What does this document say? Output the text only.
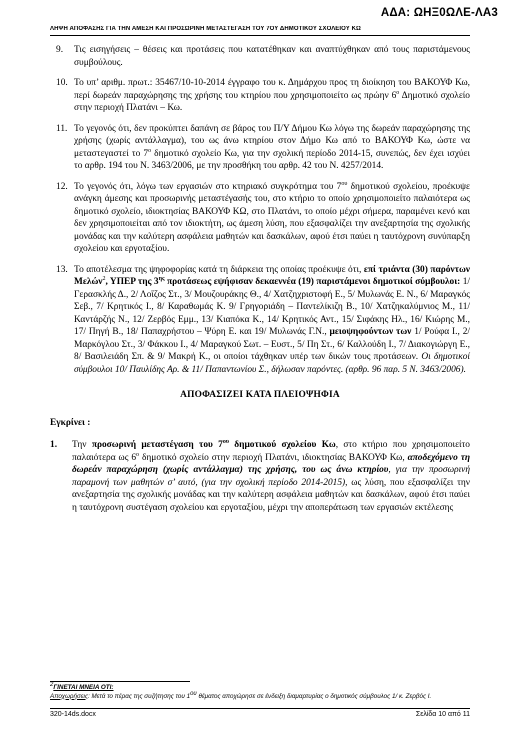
ΑΔΑ: ΩΗΞ0ΩΛΕ-ΛΑ3
ΛΗΨΗ ΑΠΟΦΑΣΗΣ ΓΙΑ ΤΗΝ ΑΜΕΣΗ ΚΑΙ ΠΡΟΣΩΡΙΝΗ ΜΕΤΑΣΤΕΓΑΣΗ ΤΟΥ 7ΟΥ ΔΗΜΟΤΙΚΟΥ ΣΧΟΛΕΙΟΥ ΚΩ
9.	Τις εισηγήσεις – θέσεις και προτάσεις που κατατέθηκαν και αναπτύχθηκαν από τους παριστάμενους συμβούλους.
10. Το υπ’ αριθμ. πρωτ.: 35467/10-10-2014 έγγραφο του κ. Δημάρχου προς τη διοίκηση του ΒΑΚΟΥΦ Κω, περί δωρεάν παραχώρησης της χρήσης του κτηρίου που χρησιμοποιείτο ως πρώην $6^o$ Δημοτικό σχολείο στην περιοχή Πλατάνι – Κω.
11. Το γεγονός ότι, δεν προκύπτει δαπάνη σε βάρος του Π/Υ Δήμου Κω λόγω της δωρεάν παραχώρησης της χρήσης (χωρίς αντάλλαγμα), του ως άνω κτηρίου στον Δήμο Κω από το ΒΑΚΟΥΦ Κω, ώστε να μεταστεγαστεί το $7^o$ δημοτικό σχολείο Κω, για την σχολική περίοδο 2014-15, συνεπώς, δεν έχει ισχύει το αρθρ. 194 του Ν. 3463/2006, με την προσθήκη του αρθρ. 42 του Ν. 4257/2014.
12. Το γεγονός ότι, λόγω των εργασιών στο κτηριακό συγκρότημα του $7^{o\upsilon}$ δημοτικού σχολείου, προέκυψε ανάγκη άμεσης και προσωρινής μεταστέγασής του, στο κτήριο το οποίο χρησιμοποιείτο παλαιότερα ως δημοτικό σχολείο, ιδιοκτησίας ΒΑΚΟΥΦ ΚΩ, στο Πλατάνι, το οποίο μέχρι σήμερα, παραμένει κενό και δεν χρησιμοποιείται από τον ιδιοκτήτη, ως άμεση λύση, που εξασφαλίζει την ανεξαρτησία της σχολικής μονάδας και την καλύτερη ασφάλεια μαθητών και δασκάλων, αφού έτσι παύει η ταυτόχρονη συνύπαρξη σχολείου και εργοταξίου.
13. Το αποτέλεσμα της ψηφοφορίας κατά τη διάρκεια της οποίας προέκυψε ότι, επί τριάντα (30) παρόντων Μελών$^2$, ΥΠΕΡ της $3^{\eta\varsigma}$ προτάσεως εψήφισαν δεκαεννέα (19) παριστάμενοι δημοτικοί σύμβουλοι: 1/ Γερασκλής Δ., 2/ Λοΐζος Στ., 3/ Μουζουράκης Θ., 4/ Χατζηχριστοφή Ε., 5/ Μυλωνάς Ε. Ν., 6/ Μαραγκός Σεβ., 7/ Κρητικός Ι., 8/ Καραθωμάς Κ. 9/ Γρηγοριάδη – Παντελίκιζη Β., 10/ Χατζηκαλύμνιος Μ., 11/ Καντάρζής Ν., 12/ Ζερβός Εμμ., 13/ Κιαπόκα Κ., 14/ Κρητικός Αντ., 15/ Σιφάκης Ηλ., 16/ Κιώρης Μ., 17/ Πηγή Β., 18/ Παπαχρήστου – Ψύρη Ε. και 19/ Μυλωνάς Γ.Ν., μειοψηφούντων των 1/ Ρούφα Ι., 2/ Μαρκόγλου Στ., 3/ Φάκκου Ι., 4/ Μαραγκού Σωτ. – Ευστ., 5/ Πη Στ., 6/ Καλλούδη Ι., 7/ Διακογιώργη Ε., 8/ Βασιλειάδη Σπ. & 9/ Μακρή Κ., οι οποίοι τάχθηκαν υπέρ των δικών τους προτάσεων. Οι δημοτικοί σύμβουλοι 10/ Παυλίδης Αρ. & 11/ Παπαντωνίου Σ., δήλωσαν παρόντες. (αρθρ. 96 παρ. 5 Ν. 3463/2006).
ΑΠΟΦΑΣΙΖΕΙ ΚΑΤΑ ΠΛΕΙΟΨΗΦΙΑ
Εγκρίνει :
1.	Την προσωρινή μεταστέγαση του $7^{o\upsilon}$ δημοτικού σχολείου Κω, στο κτήριο που χρησιμοποιείτο παλαιότερα ως $6^o$ δημοτικό σχολείο στην περιοχή Πλατάνι, ιδιοκτησίας ΒΑΚΟΥΦ Κω, αποδεχόμενο τη δωρεάν παραχώρηση (χωρίς αντάλλαγμα) της χρήσης, του ως άνω κτηρίου, για την προσωρινή παραμονή των μαθητών σ’ αυτό, (για την σχολική περίοδο 2014-2015), ως λύση, που εξασφαλίζει την ανεξαρτησία της σχολικής μονάδας και την καλύτερη ασφάλεια μαθητών και δασκάλων, αφού έτσι παύει η ταυτόχρονη συστέγαση σχολείου και εργοταξίου, μέχρι την αποπεράτωση των εργασιών εκτέλεσης
$^2$ΓΙΝΕΤΑΙ ΜΝΕΙΑ ΟΤΙ:
Αποχωρήσεις: Μετά το πέρας της συζήτησης του $1^{o\upsilon}$ θέματος αποχώρησε σε ένδειξη διαμαρτυρίας ο δημοτικός σύμβουλος 1/ κ. Ζερβός Ι.
320-14ds.docx	Σελίδα 10 από 11
